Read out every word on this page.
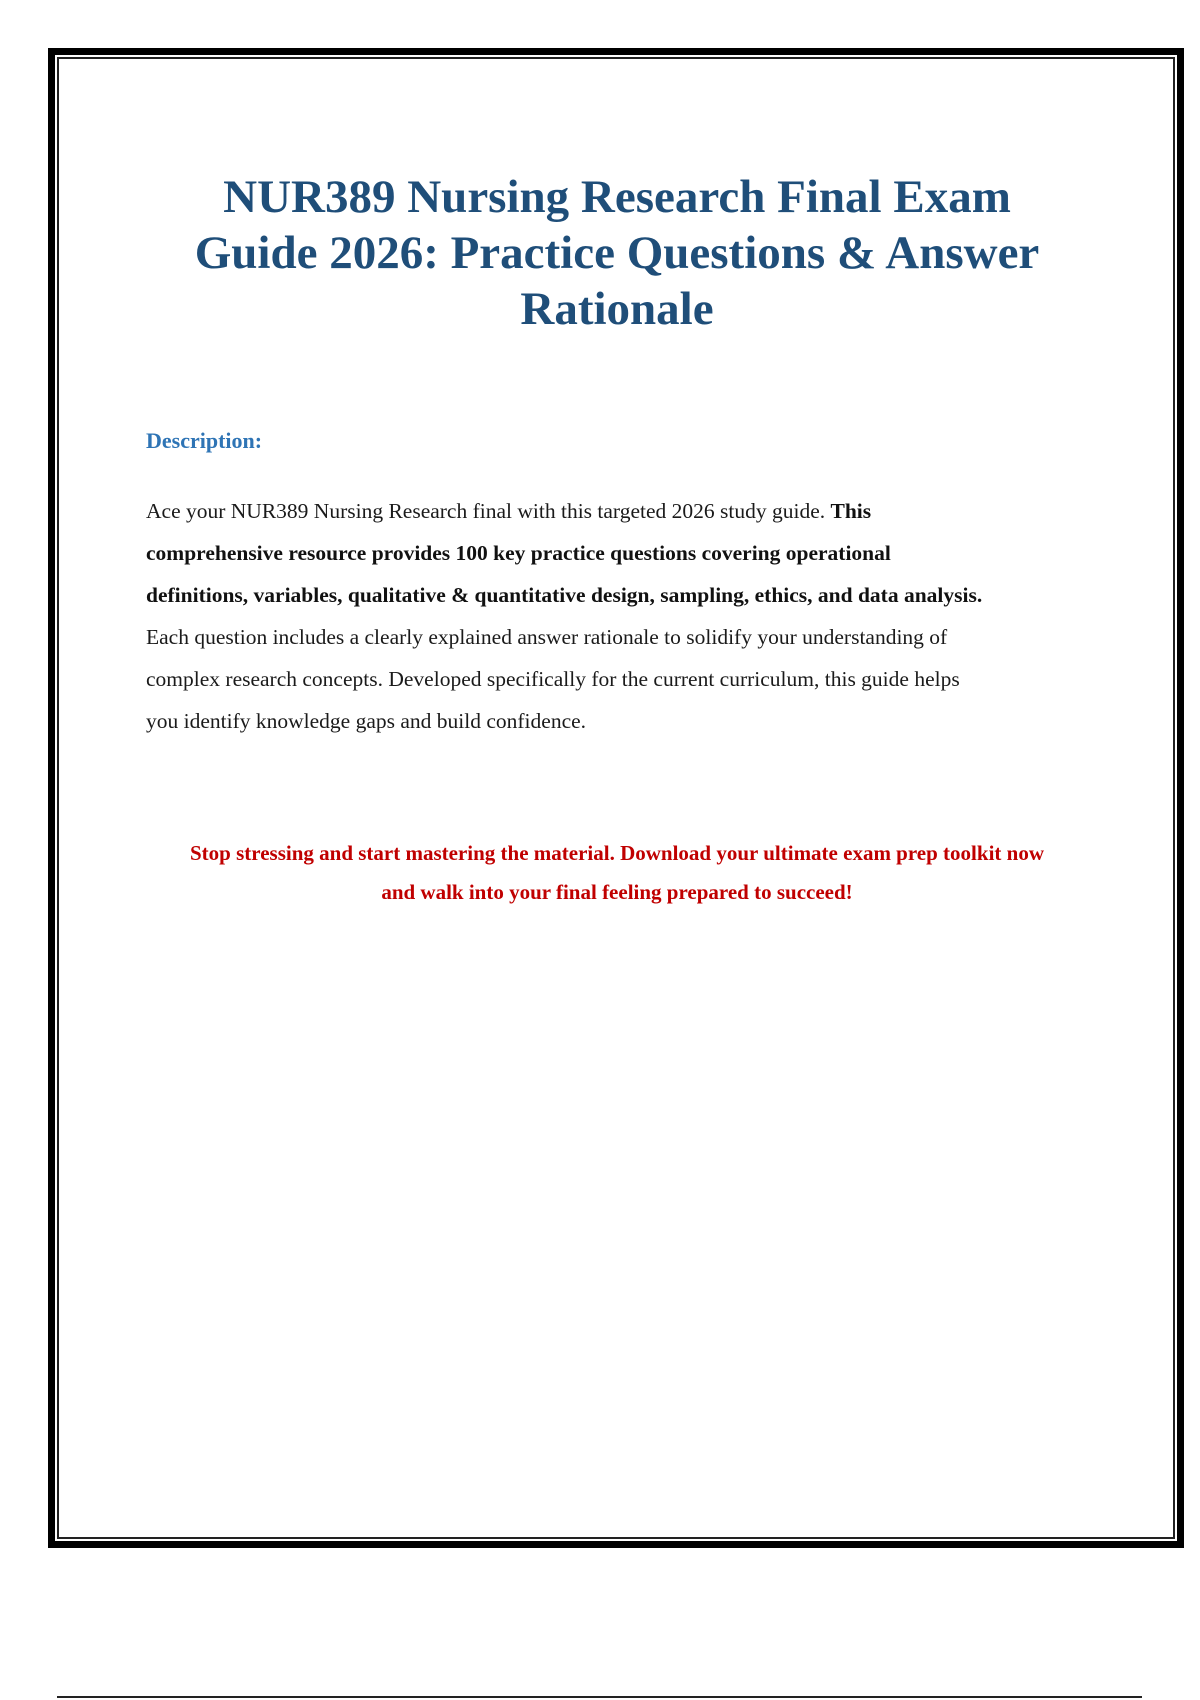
NUR389 Nursing Research Final Exam
Guide 2026: Practice Questions & Answer
Rationale
Description:
Ace your NUR389 Nursing Research final with this targeted 2026 study guide. This
comprehensive resource provides 100 key practice questions covering operational
definitions, variables, qualitative & quantitative design, sampling, ethics, and data analysis.
Each question includes a clearly explained answer rationale to solidify your understanding of
complex research concepts. Developed specifically for the current curriculum, this guide helps
you identify knowledge gaps and build confidence.
Stop stressing and start mastering the material. Download your ultimate exam prep toolkit now
and walk into your final feeling prepared to succeed!
